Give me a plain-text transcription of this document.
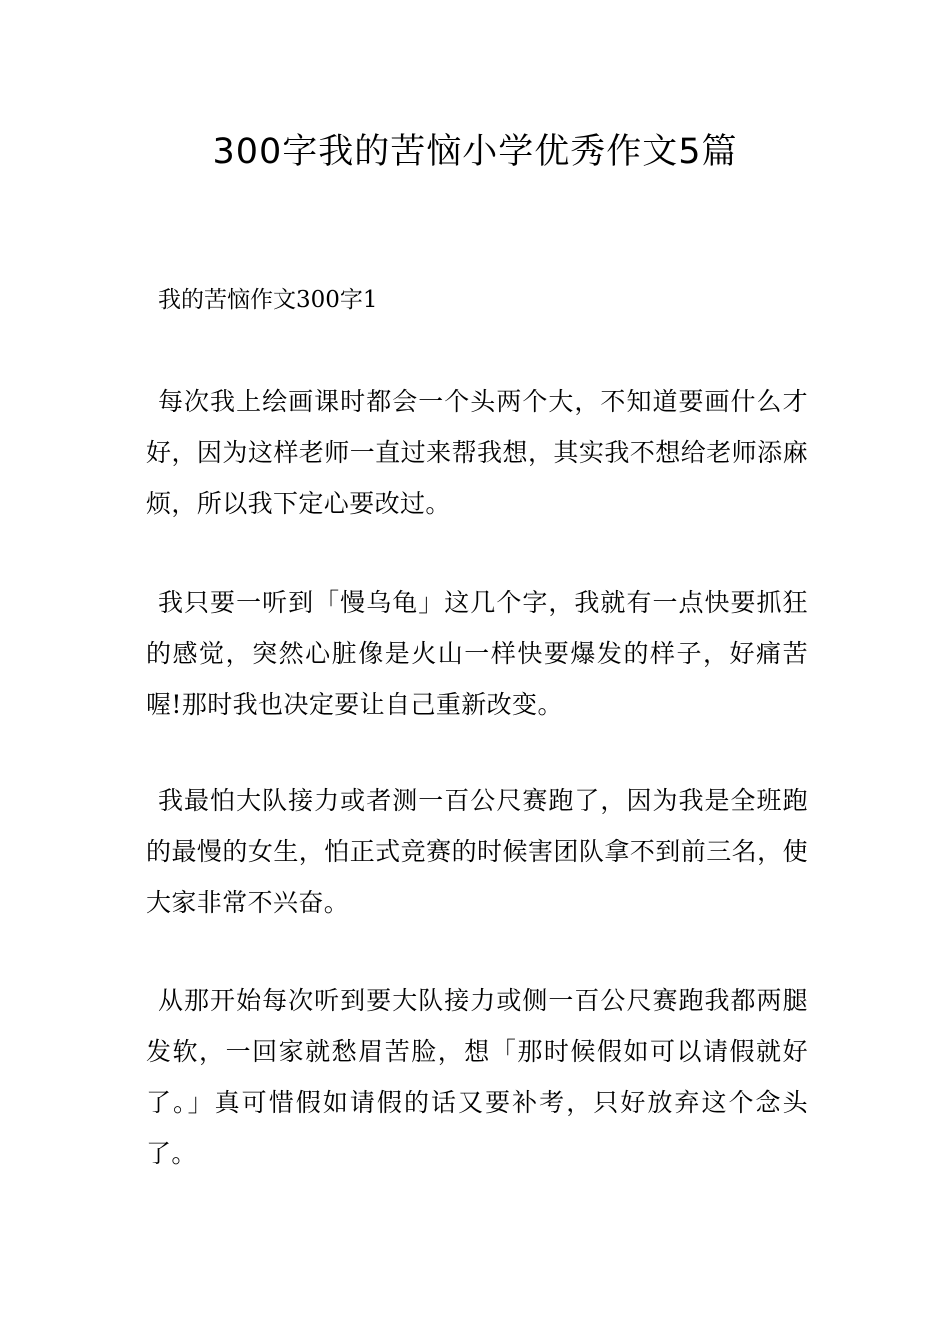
300字我的苦恼小学优秀作文5篇
我的苦恼作文300字1

每次我上绘画课时都会一个头两个大，不知道要画什么才好，因为这样老师一直过来帮我想，其实我不想给老师添麻烦，所以我下定心要改过。

我只要一听到「慢乌龟」这几个字，我就有一点快要抓狂的感觉，突然心脏像是火山一样快要爆发的样子，好痛苦喔!那时我也决定要让自己重新改变。

我最怕大队接力或者测一百公尺赛跑了，因为我是全班跑的最慢的女生，怕正式竞赛的时候害团队拿不到前三名，使大家非常不兴奋。

从那开始每次听到要大队接力或侧一百公尺赛跑我都两腿发软，一回家就愁眉苦脸，想「那时候假如可以请假就好了。」真可惜假如请假的话又要补考，只好放弃这个念头了。
